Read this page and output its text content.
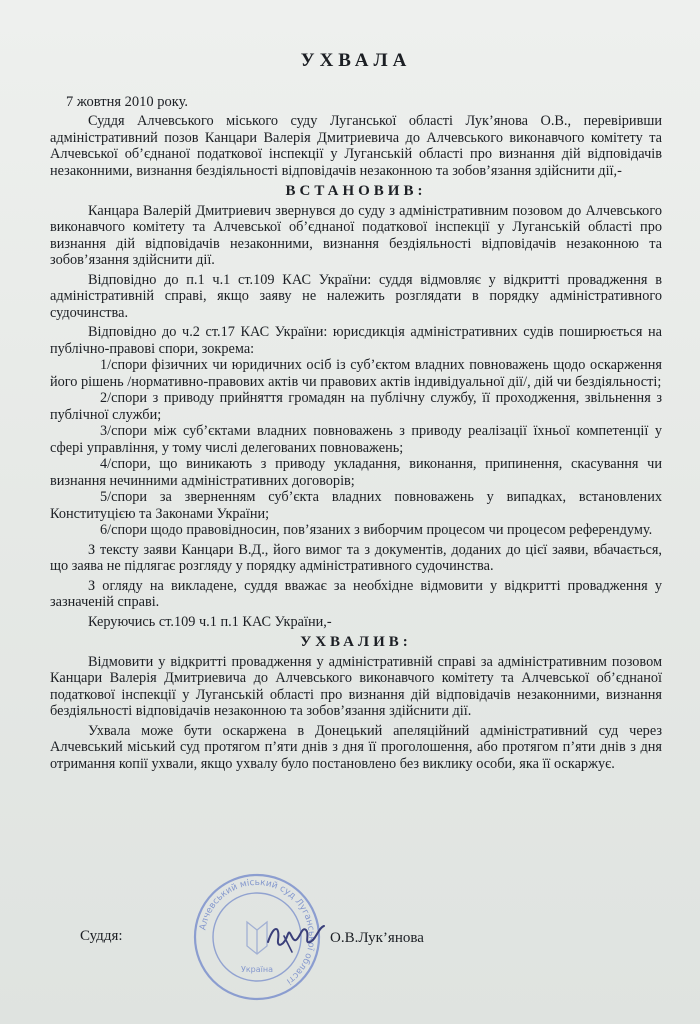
УХВАЛА
7 жовтня 2010 року.

Суддя Алчевського міського суду Луганської області Лук’янова О.В., перевіривши адміністративний позов Канцари Валерія Дмитриевича до Алчевського виконавчого комітету та Алчевської об’єднаної податкової інспекції у Луганській області про визнання дій відповідачів незаконними, визнання бездіяльності відповідачів незаконною та зобов’язання здійснити дії,-

ВСТАНОВИВ:

Канцара Валерій Дмитриевич звернувся до суду з адміністративним позовом до Алчевського виконавчого комітету та Алчевської об’єднаної податкової інспекції у Луганській області про визнання дій відповідачів незаконними, визнання бездіяльності відповідачів незаконною та зобов’язання здійснити дії.

Відповідно до п.1 ч.1 ст.109 КАС України: суддя відмовляє у відкритті провадження в адміністративній справі, якщо заяву не належить розглядати в порядку адміністративного судочинства.

Відповідно до ч.2 ст.17 КАС України: юрисдикція адміністративних судів поширюється на публічно-правові спори, зокрема:

1/спори фізичних чи юридичних осіб із суб’єктом владних повноважень щодо оскарження його рішень /нормативно-правових актів чи правових актів індивідуальної дії/, дій чи бездіяльності;

2/спори з приводу прийняття громадян на публічну службу, її проходження, звільнення з публічної служби;

3/спори між суб’єктами владних повноважень з приводу реалізації їхньої компетенції у сфері управління, у тому числі делегованих повноважень;

4/спори, що виникають з приводу укладання, виконання, припинення, скасування чи визнання нечинними адміністративних договорів;

5/спори за зверненням суб’єкта владних повноважень у випадках, встановлених Конституцією та Законами України;

6/спори щодо правовідносин, пов’язаних з виборчим процесом чи процесом референдуму.

З тексту заяви Канцари В.Д., його вимог та з документів, доданих до цієї заяви, вбачається, що заява не підлягає розгляду у порядку адміністративного судочинства.

З огляду на викладене, суддя вважає за необхідне відмовити у відкритті провадження у зазначеній справі.

Керуючись ст.109 ч.1 п.1 КАС України,-

УХВАЛИВ:

Відмовити у відкритті провадження у адміністративній справі за адміністративним позовом Канцари Валерія Дмитриевича до Алчевського виконавчого комітету та Алчевської об’єднаної податкової інспекції у Луганській області про визнання дій відповідачів незаконними, визнання бездіяльності відповідачів незаконною та зобов’язання здійснити дії.

Ухвала може бути оскаржена в Донецький апеляційний адміністративний суд через Алчевський міський суд протягом п’яти днів з дня її проголошення, або протягом п’яти днів з дня отримання копії ухвали, якщо ухвалу було постановлено без виклику особи, яка її оскаржує.

Алчевський міський суд Луганської області
Україна
Суддя:	О.В.Лук’янова
